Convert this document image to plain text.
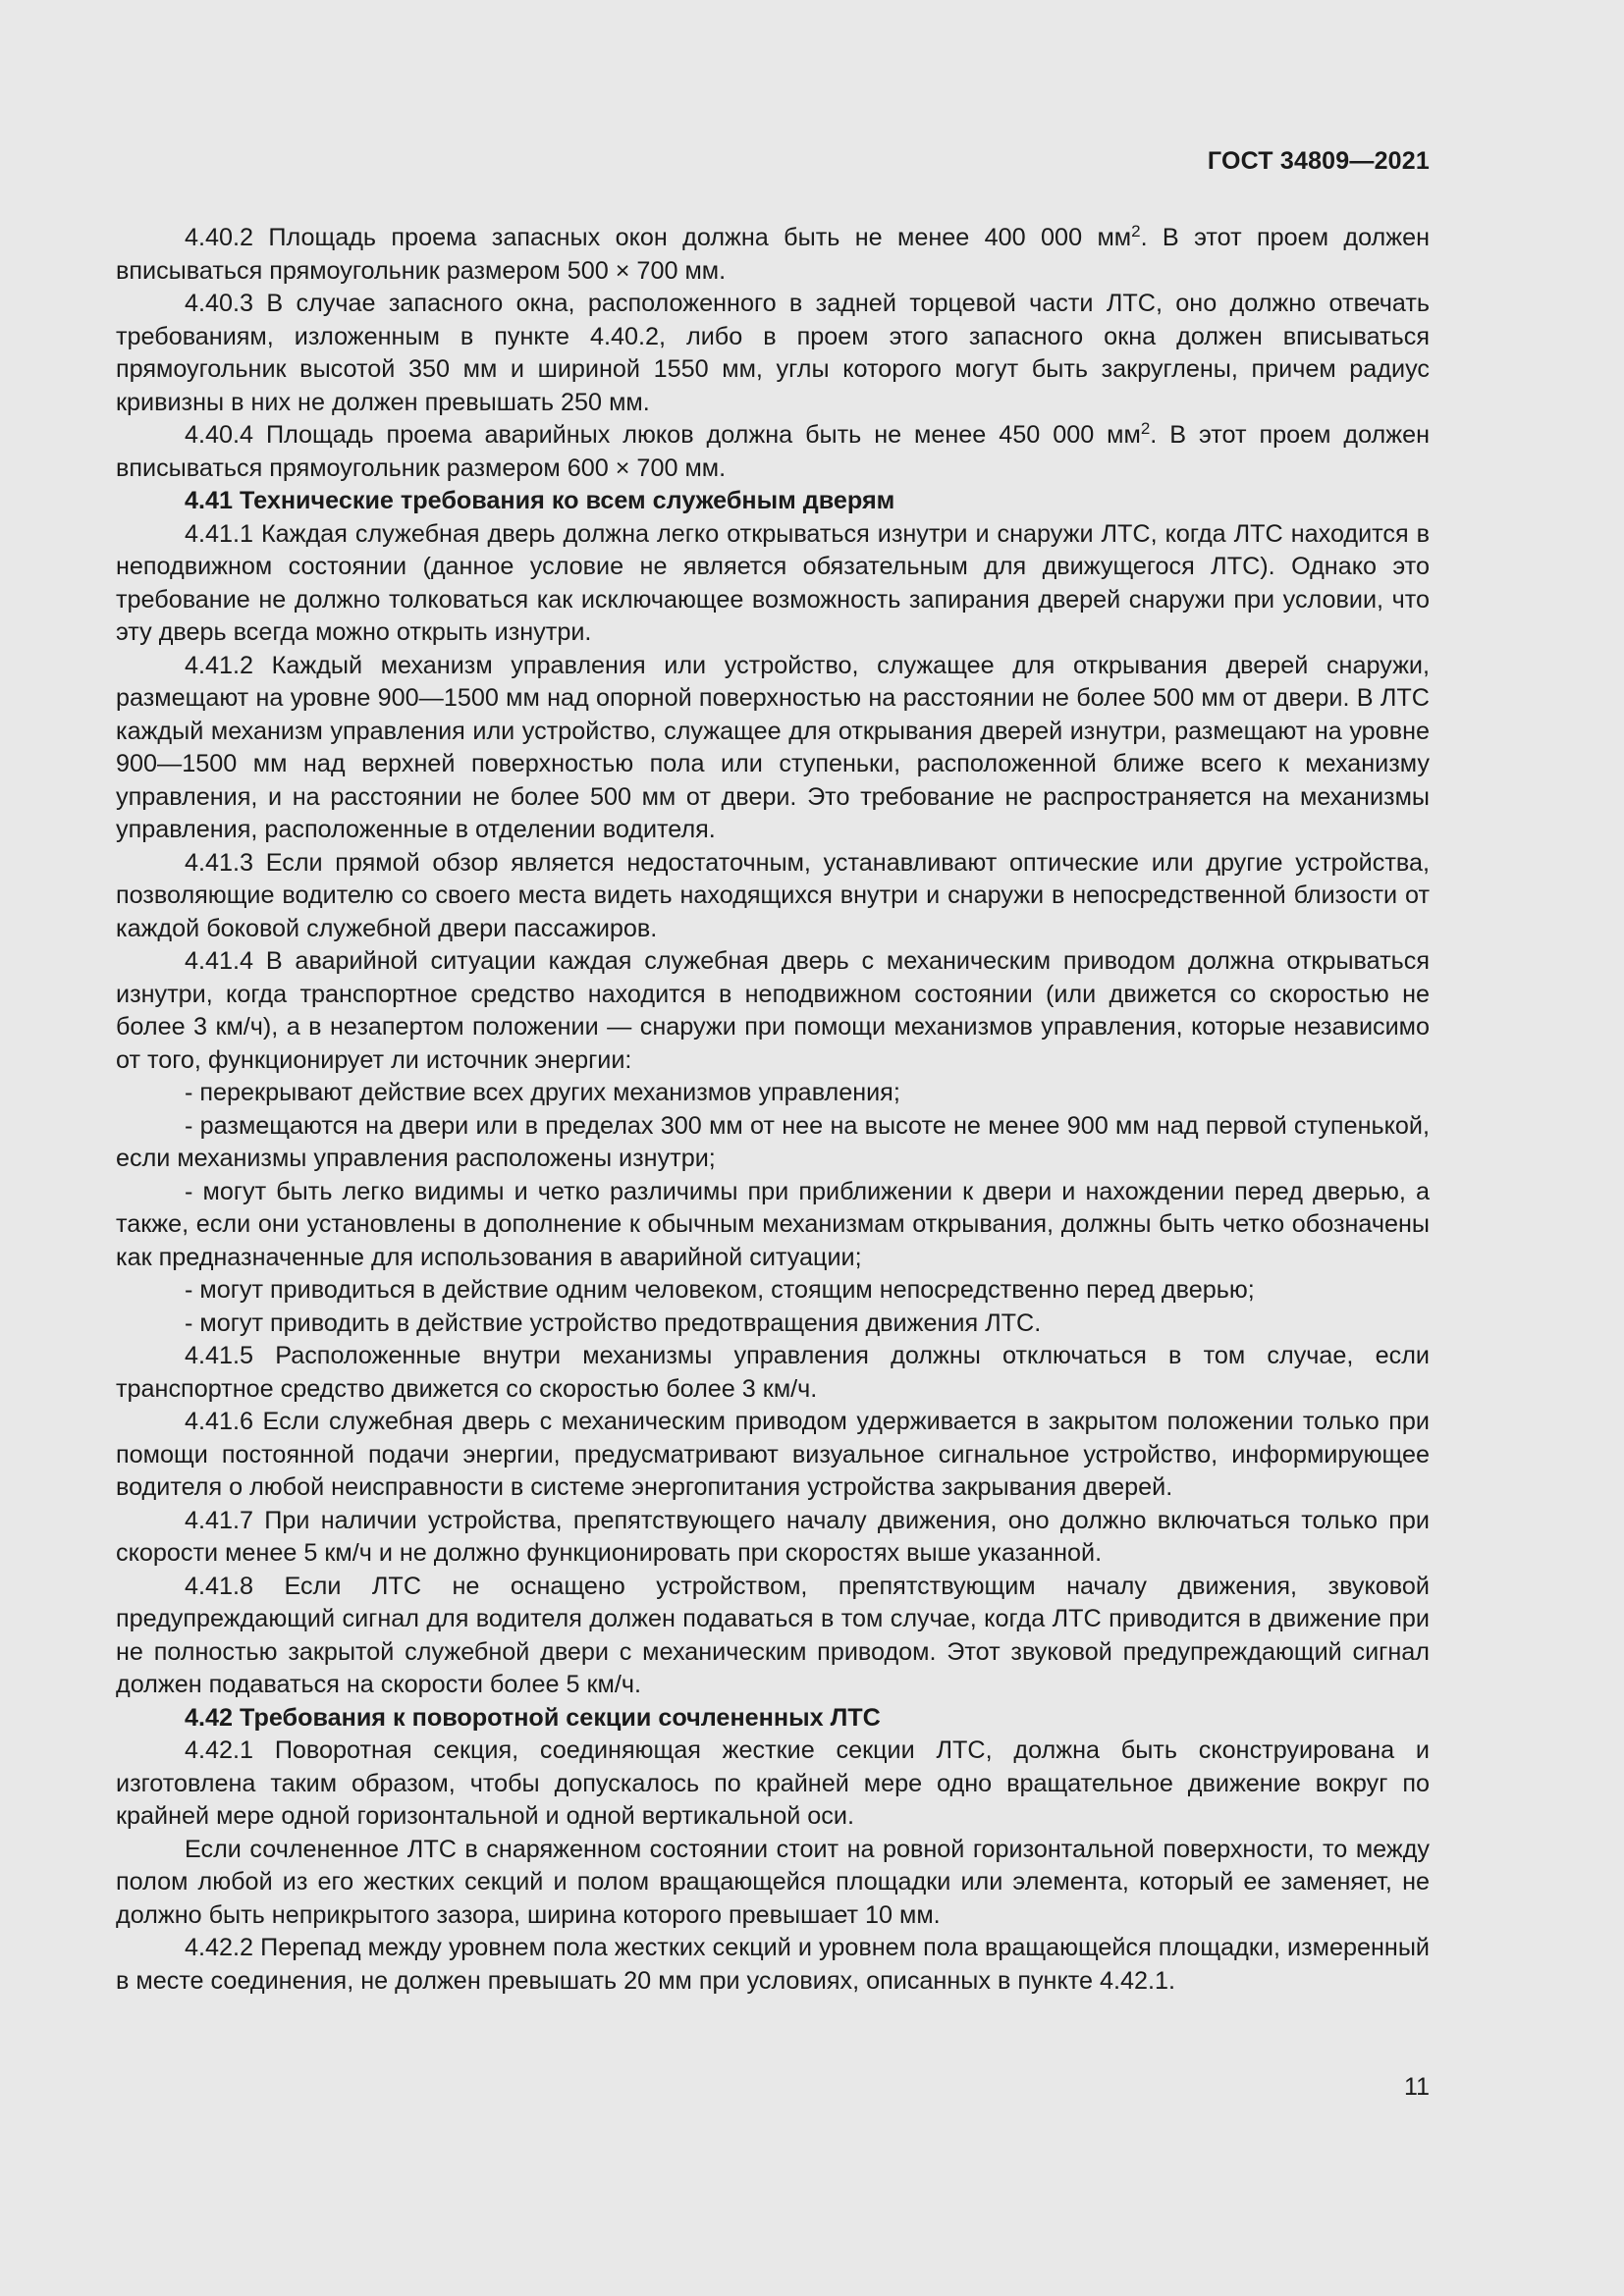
ГОСТ 34809—2021

4.40.2 Площадь проема запасных окон должна быть не менее 400 000 $мм^2$. В этот проем должен вписываться прямоугольник размером 500 × 700 мм.

4.40.3 В случае запасного окна, расположенного в задней торцевой части ЛТС, оно должно отвечать требованиям, изложенным в пункте 4.40.2, либо в проем этого запасного окна должен вписываться прямоугольник высотой 350 мм и шириной 1550 мм, углы которого могут быть закруглены, причем радиус кривизны в них не должен превышать 250 мм.

4.40.4 Площадь проема аварийных люков должна быть не менее 450 000 $мм^2$. В этот проем должен вписываться прямоугольник размером 600 × 700 мм.

4.41 Технические требования ко всем служебным дверям

4.41.1 Каждая служебная дверь должна легко открываться изнутри и снаружи ЛТС, когда ЛТС находится в неподвижном состоянии (данное условие не является обязательным для движущегося ЛТС). Однако это требование не должно толковаться как исключающее возможность запирания дверей снаружи при условии, что эту дверь всегда можно открыть изнутри.

4.41.2 Каждый механизм управления или устройство, служащее для открывания дверей снаружи, размещают на уровне 900—1500 мм над опорной поверхностью на расстоянии не более 500 мм от двери. В ЛТС каждый механизм управления или устройство, служащее для открывания дверей изнутри, размещают на уровне 900—1500 мм над верхней поверхностью пола или ступеньки, расположенной ближе всего к механизму управления, и на расстоянии не более 500 мм от двери. Это требование не распространяется на механизмы управления, расположенные в отделении водителя.

4.41.3 Если прямой обзор является недостаточным, устанавливают оптические или другие устройства, позволяющие водителю со своего места видеть находящихся внутри и снаружи в непосредственной близости от каждой боковой служебной двери пассажиров.

4.41.4 В аварийной ситуации каждая служебная дверь с механическим приводом должна открываться изнутри, когда транспортное средство находится в неподвижном состоянии (или движется со скоростью не более 3 км/ч), а в незапертом положении — снаружи при помощи механизмов управления, которые независимо от того, функционирует ли источник энергии:

- перекрывают действие всех других механизмов управления;

- размещаются на двери или в пределах 300 мм от нее на высоте не менее 900 мм над первой ступенькой, если механизмы управления расположены изнутри;

- могут быть легко видимы и четко различимы при приближении к двери и нахождении перед дверью, а также, если они установлены в дополнение к обычным механизмам открывания, должны быть четко обозначены как предназначенные для использования в аварийной ситуации;

- могут приводиться в действие одним человеком, стоящим непосредственно перед дверью;

- могут приводить в действие устройство предотвращения движения ЛТС.

4.41.5 Расположенные внутри механизмы управления должны отключаться в том случае, если транспортное средство движется со скоростью более 3 км/ч.

4.41.6 Если служебная дверь с механическим приводом удерживается в закрытом положении только при помощи постоянной подачи энергии, предусматривают визуальное сигнальное устройство, информирующее водителя о любой неисправности в системе энергопитания устройства закрывания дверей.

4.41.7 При наличии устройства, препятствующего началу движения, оно должно включаться только при скорости менее 5 км/ч и не должно функционировать при скоростях выше указанной.

4.41.8 Если ЛТС не оснащено устройством, препятствующим началу движения, звуковой предупреждающий сигнал для водителя должен подаваться в том случае, когда ЛТС приводится в движение при не полностью закрытой служебной двери с механическим приводом. Этот звуковой предупреждающий сигнал должен подаваться на скорости более 5 км/ч.

4.42 Требования к поворотной секции сочлененных ЛТС

4.42.1 Поворотная секция, соединяющая жесткие секции ЛТС, должна быть сконструирована и изготовлена таким образом, чтобы допускалось по крайней мере одно вращательное движение вокруг по крайней мере одной горизонтальной и одной вертикальной оси.

Если сочлененное ЛТС в снаряженном состоянии стоит на ровной горизонтальной поверхности, то между полом любой из его жестких секций и полом вращающейся площадки или элемента, который ее заменяет, не должно быть неприкрытого зазора, ширина которого превышает 10 мм.

4.42.2 Перепад между уровнем пола жестких секций и уровнем пола вращающейся площадки, измеренный в месте соединения, не должен превышать 20 мм при условиях, описанных в пункте 4.42.1.

11
